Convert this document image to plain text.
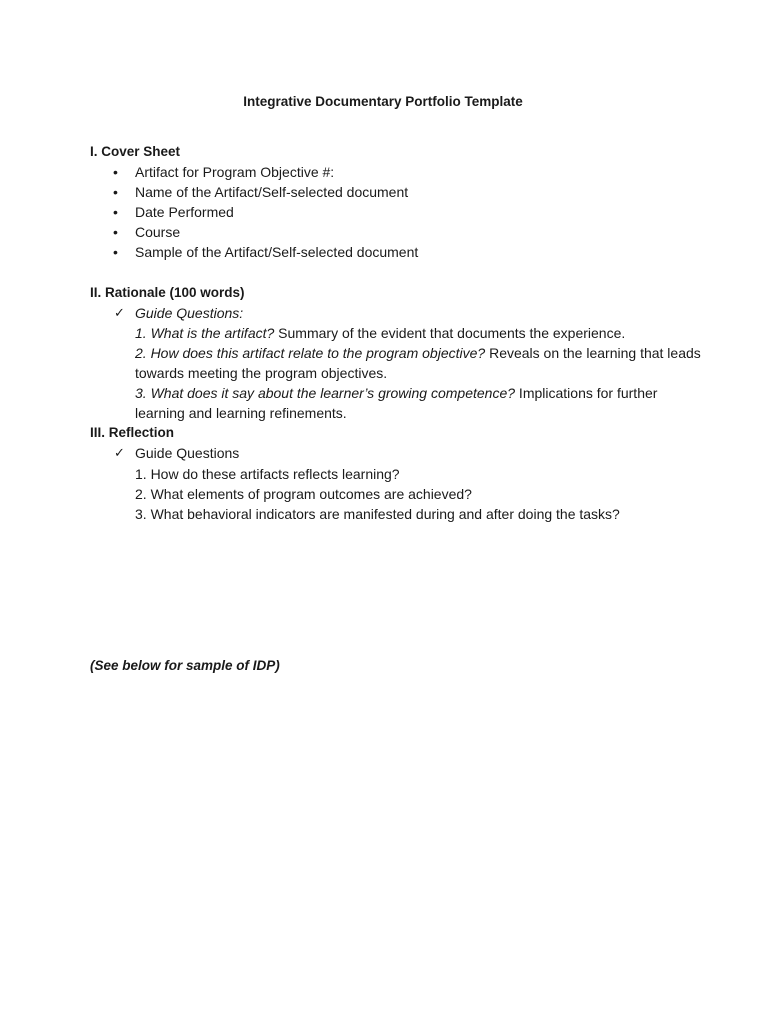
Integrative Documentary Portfolio Template
I. Cover Sheet
• Artifact for Program Objective #:
• Name of the Artifact/Self-selected document
• Date Performed
• Course
• Sample of the Artifact/Self-selected document
II. Rationale (100 words)
✓ Guide Questions:
1. What is the artifact? Summary of the evident that documents the experience.
2. How does this artifact relate to the program objective? Reveals on the learning that leads towards meeting the program objectives.
3. What does it say about the learner’s growing competence? Implications for further learning and learning refinements.
III. Reflection
✓ Guide Questions
1. How do these artifacts reflects learning?
2. What elements of program outcomes are achieved?
3. What behavioral indicators are manifested during and after doing the tasks?
(See below for sample of IDP)
